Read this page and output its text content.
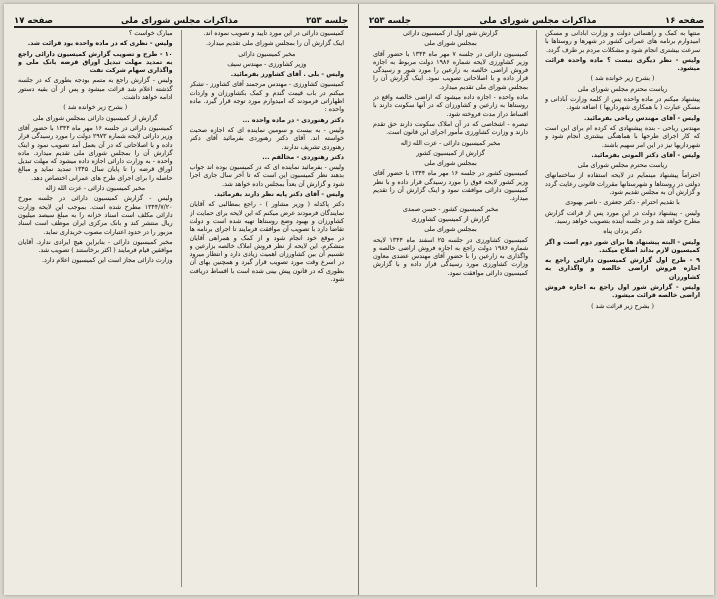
جلسه ۲۵۳
مذاکرات مجلس شورای ملی
صفحه ۱۷

کمیسیون دارائی در این مورد تأیید و تصویب نموده اند.

اینک گزارش آن را بمجلس شورای ملی تقدیم میدارد.

مخبر کمیسیون دارائی

وزیر کشاورزی - مهندس سیف

ولیس - بلی . آقای کشاورز بفرمائید.

کمیسیون کشاورزی - مهندس مرجمند آقای کشاورز - تشکر میکنم در باب قیمت گندم و کمک بکشاورزان و واردات اظهاراتی فرمودند که امیدوارم مورد توجه قرار گیرد. ماده واحده :

دکتر رهنوردی - در ماده واحده ...

ولیس - به بیست و سومین نماینده ای که اجازه صحبت خواسته اند. آقای دکتر رهنوردی بفرمائید آقای دکتر رهنوردی تشریف ندارند.

دکتر رهنوردی - مخالفم ...

ولیس - بفرمائید نماینده ای که در کمیسیون بوده اند جواب بدهند نظر کمیسیون این است که تا آخر سال جاری اجرا شود و گزارش آن بعداً بمجلس داده خواهد شد.

ولیس - آقای دکتر پایه نظر دارند بفرمائید.

دکتر پاکدله ( وزیر مشاور ) - راجع بمطالبی که آقایان نمایندگان فرمودند عرض میکنم که این لایحه برای حمایت از کشاورزان و بهبود وضع روستاها تهیه شده است و دولت تقاضا دارد با تصویب آن موافقت فرمایند تا اجرای برنامه ها در موقع خود انجام شود و از کمک و همراهی آقایان متشکرم. این لایحه از نظر فروش املاک خالصه بزارعین و تقسیم آن بین کشاورزان اهمیت زیادی دارد و انتظار میرود در اسرع وقت مورد تصویب قرار گیرد و همچنین بهای آن بطوری که در قانون پیش بینی شده است با اقساط دریافت شود.

مبارک خواست ؟

ولیس - نظری که در ماده واحده بود قرائت شد.

۱۰ - طرح و تصویب گزارش کمیسیون دارائی راجع به تمدید مهلت تبدیل اوراق قرضه بانک ملی و واگذاری سهام شرکت نفت

ولیس - گزارش راجع به متمم بودجه بطوری که در جلسه گذشته اعلام شد قرائت میشود و پس از آن بقیه دستور ادامه خواهد داشت.

( بشرح زیر خوانده شد )

گزارش از کمیسیون دارائی بمجلس شورای ملی

کمیسیون دارائی در جلسه ۱۶ مهر ماه ۱۳۴۴ با حضور آقای وزیر دارائی لایحه شماره ۲۹۷۳ دولت را مورد رسیدگی قرار داده و با اصلاحاتی که در آن بعمل آمد تصویب نمود و اینک گزارش آن را بمجلس شورای ملی تقدیم میدارد. ماده واحده - به وزارت دارائی اجازه داده میشود که مهلت تبدیل اوراق قرضه را تا پایان سال ۱۳۴۵ تمدید نماید و مبالغ حاصله را برای اجرای طرح های عمرانی اختصاص دهد.

مخبر کمیسیون دارائی - عزت الله ژاله

ولیس - گزارش کمیسیون دارائی در جلسه مورخ ۱۳۴۴/۷/۲۰ مطرح شده است. بموجب این لایحه وزارت دارائی مکلف است اسناد خزانه را به مبلغ سیصد میلیون ریال منتشر کند و بانک مرکزی ایران موظف است اسناد مزبور را در حدود اعتبارات مصوب خریداری نماید.

مخبر کمیسیون دارائی - بنابراین هیچ ایرادی ندارد. آقایان موافقین قیام فرمایند ( اکثر برخاستند ) تصویب شد.

وزارت دارائی مجاز است این کمیسیون اعلام دارد.

صفحه ۱۶
مذاکرات مجلس شورای ملی
جلسه ۲۵۳

منتها به کمک و راهنمائی دولت و وزارت آبادانی و مسکن امیدوارم برنامه های عمرانی کشور در شهرها و روستاها با سرعت بیشتری انجام شود و مشکلات مردم بر طرف گردد.

ولیس - نظر دیگری نیست ؟ ماده واحده قرائت میشود.

( بشرح زیر خوانده شد )

ریاست محترم مجلس شورای ملی

پیشنهاد میکنم در ماده واحده پس از کلمه وزارت آبادانی و مسکن عبارت ( با همکاری شهرداریها ) اضافه شود.

ولیس - آقای مهندس ریاحی بفرمائید.

مهندس ریاحی - بنده پیشنهادی که کرده ام برای این است که کار اجرای طرحها با هماهنگی بیشتری انجام شود و شهرداریها نیز در این امر سهیم باشند.

ولیس - آقای دکتر الموتی بفرمائید.

ریاست محترم مجلس شورای ملی

احتراماً پیشنهاد مینمایم در لایحه استفاده از ساختمانهای دولتی در روستاها و شهرستانها مقررات قانونی رعایت گردد و گزارش آن به مجلس تقدیم شود.

با تقدیم احترام - دکتر جعفری - ناصر بهبودی

ولیس - پیشنهاد دولت در این مورد پس از قرائت گزارش مطرح خواهد شد و در جلسه آینده بتصویب خواهد رسید.

دکتر یزدان پناه

ولیس - البته پیشنهاد ها برای شور دوم است و اگر کمیسیون لازم بداند اصلاح میکند.

۹ - طرح اول گزارش کمیسیون دارائی راجع به اجازه فروش اراضی خالصه و واگذاری به کشاورزان

ولیس - گزارش شور اول راجع به اجازه فروش اراضی خالصه قرائت میشود.

( بشرح زیر قرائت شد )

گزارش شور اول از کمیسیون دارائی

بمجلس شورای ملی

کمیسیون دارائی در جلسه ۷ مهر ماه ۱۳۴۴ با حضور آقای وزیر کشاورزی لایحه شماره ۱۹۸۶ دولت مربوط به اجازه فروش اراضی خالصه به زارعین را مورد شور و رسیدگی قرار داده و با اصلاحاتی تصویب نمود. اینک گزارش آن را بمجلس شورای ملی تقدیم میدارد.

ماده واحده - اجازه داده میشود که اراضی خالصه واقع در روستاها به زارعین و کشاورزان که در آنها سکونت دارند با اقساط دراز مدت فروخته شود.

تبصره - اشخاصی که در آن املاک سکونت دارند حق تقدم دارند و وزارت کشاورزی مأمور اجرای این قانون است.

مخبر کمیسیون دارائی - عزت الله ژاله

گزارش از کمیسیون کشور

بمجلس شورای ملی

کمیسیون کشور در جلسه ۱۶ مهر ماه ۱۳۴۴ با حضور آقای وزیر کشور لایحه فوق را مورد رسیدگی قرار داده و با نظر کمیسیون دارائی موافقت نمود و اینک گزارش آن را تقدیم میدارد.

مخبر کمیسیون کشور - حسن صمدی

گزارش از کمیسیون کشاورزی

بمجلس شورای ملی

کمیسیون کشاورزی در جلسه ۲۵ اسفند ماه ۱۳۴۴ لایحه شماره ۱۹۸۶ دولت راجع به اجازه فروش اراضی خالصه و واگذاری به زارعین را با حضور آقای مهندس عضدی معاون وزارت کشاورزی مورد رسیدگی قرار داده و با گزارش کمیسیون دارائی موافقت نمود.
